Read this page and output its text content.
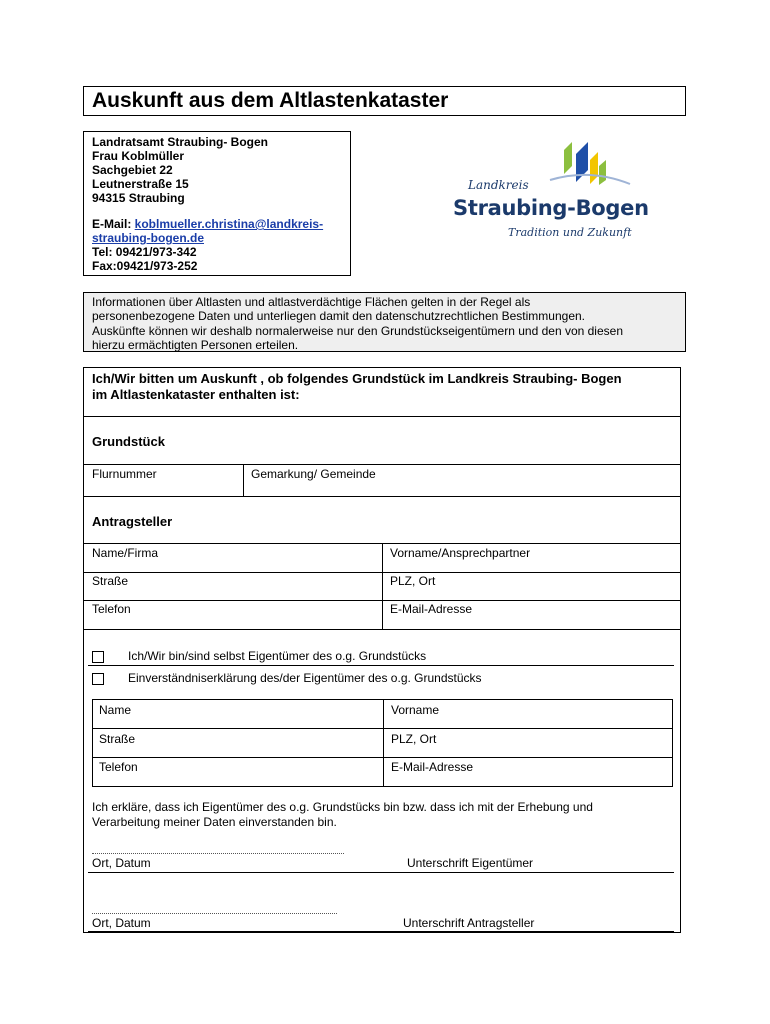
Auskunft aus dem Altlastenkataster
Landratsamt Straubing- Bogen
Frau Koblmüller
Sachgebiet 22
Leutnerstraße 15
94315 Straubing
E-Mail: koblmueller.christina@landkreis-
straubing-bogen.de
Tel: 09421/973-342
Fax:09421/973-252
Landkreis
Straubing-Bogen
Tradition und Zukunft
Informationen über Altlasten und altlastverdächtige Flächen gelten in der Regel als
personenbezogene Daten und unterliegen damit den datenschutzrechtlichen Bestimmungen.
Auskünfte können wir deshalb normalerweise nur den Grundstückseigentümern und den von diesen
hierzu ermächtigten Personen erteilen.
Ich/Wir bitten um Auskunft , ob folgendes Grundstück im Landkreis Straubing- Bogen
im Altlastenkataster enthalten ist:
Grundstück
Flurnummer	Gemarkung/ Gemeinde
Antragsteller
Name/Firma	Vorname/Ansprechpartner
Straße	PLZ, Ort
Telefon	E-Mail-Adresse
Ich/Wir bin/sind selbst Eigentümer des o.g. Grundstücks
Einverständniserklärung des/der Eigentümer des o.g. Grundstücks
Name	Vorname
Straße	PLZ, Ort
Telefon	E-Mail-Adresse
Ich erkläre, dass ich Eigentümer des o.g. Grundstücks bin bzw. dass ich mit der Erhebung und
Verarbeitung meiner Daten einverstanden bin.
Ort, Datum	Unterschrift Eigentümer
Ort, Datum	Unterschrift Antragsteller
